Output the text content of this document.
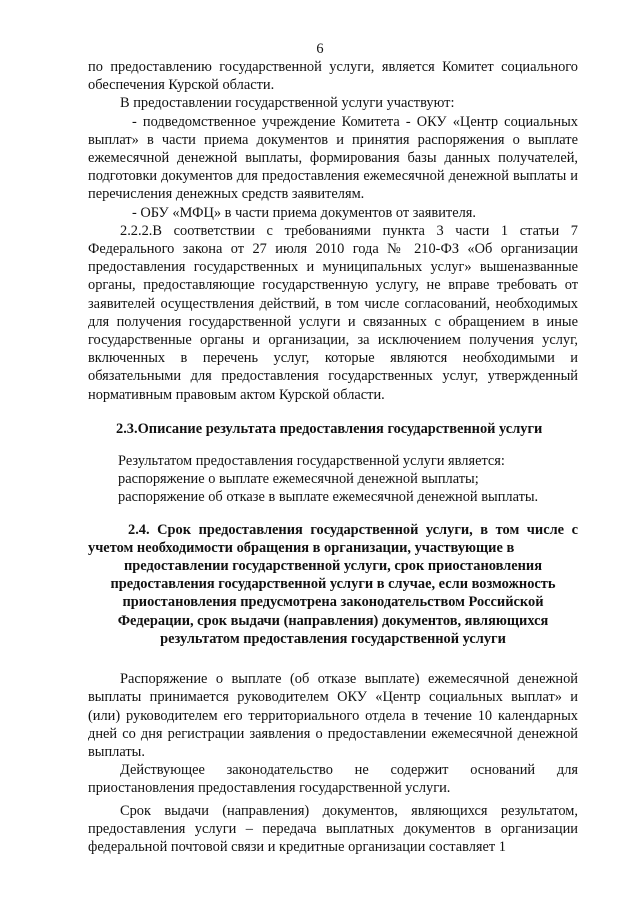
6

по предоставлению государственной услуги, является Комитет социального обеспечения Курской области.

В предоставлении государственной услуги участвуют:

- подведомственное учреждение Комитета - ОКУ «Центр социальных выплат» в части приема документов и принятия распоряжения о выплате ежемесячной денежной выплаты, формирования базы данных получателей, подготовки документов для предоставления ежемесячной денежной выплаты и перечисления денежных средств заявителям.

- ОБУ «МФЦ» в части приема документов от заявителя.

2.2.2.В соответствии с требованиями пункта 3 части 1 статьи 7 Федерального закона от 27 июля 2010 года № 210-ФЗ «Об организации предоставления государственных и муниципальных услуг» вышеназванные органы, предоставляющие государственную услугу, не вправе требовать от заявителей осуществления действий, в том числе согласований, необходимых для получения государственной услуги и связанных с обращением в иные государственные органы и организации, за исключением получения услуг, включенных в перечень услуг, которые являются необходимыми и обязательными для предоставления государственных услуг, утвержденный нормативным правовым актом Курской области.

2.3.Описание результата предоставления государственной услуги

Результатом предоставления государственной услуги является:

распоряжение о выплате ежемесячной денежной выплаты;

распоряжение об отказе в выплате ежемесячной денежной выплаты.

2.4. Срок предоставления государственной услуги, в том числе с учетом необходимости обращения в организации, участвующие в

предоставлении государственной услуги, срок приостановления предоставления государственной услуги в случае, если возможность приостановления предусмотрена законодательством Российской Федерации, срок выдачи (направления) документов, являющихся результатом предоставления государственной услуги

Распоряжение о выплате (об отказе выплате) ежемесячной денежной выплаты принимается руководителем ОКУ «Центр социальных выплат» и (или) руководителем его территориального отдела в течение 10 календарных дней со дня регистрации заявления о предоставлении ежемесячной денежной выплаты.

Действующее законодательство не содержит оснований для приостановления предоставления государственной услуги.

Срок выдачи (направления) документов, являющихся результатом, предоставления услуги – передача выплатных документов в организации федеральной почтовой связи и кредитные организации составляет 1
